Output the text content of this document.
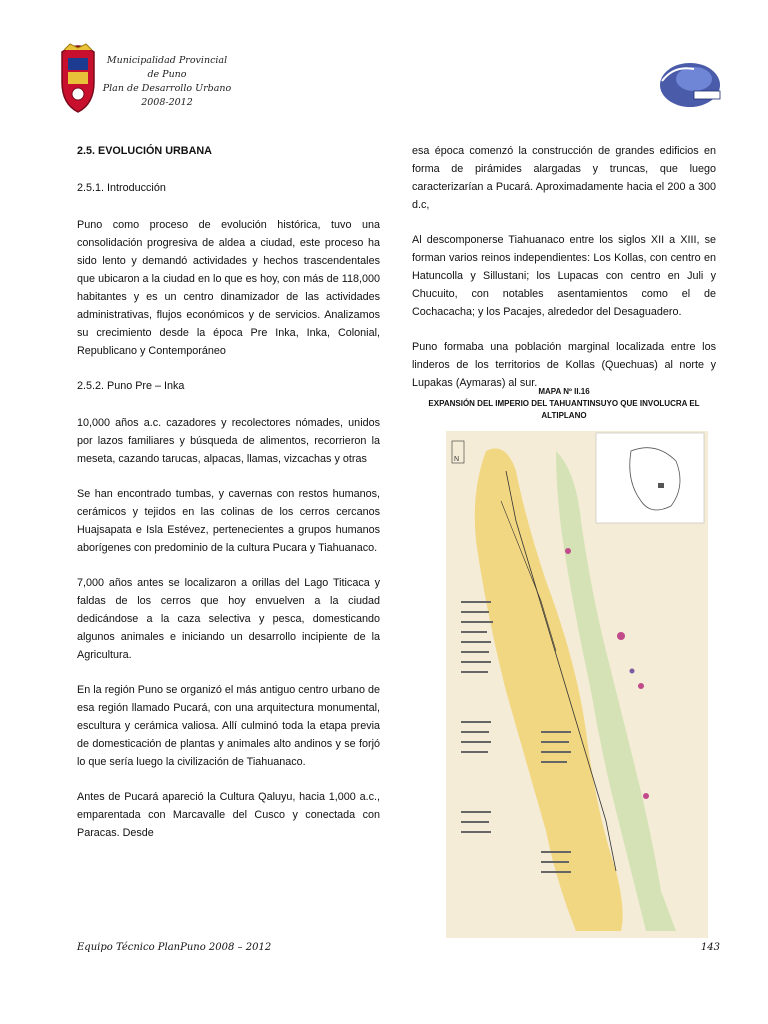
Municipalidad Provincial de Puno
Plan de Desarrollo Urbano
2008-2012
2.5. EVOLUCIÓN URBANA
2.5.1. Introducción

Puno como proceso de evolución histórica, tuvo una consolidación progresiva de aldea a ciudad, este proceso ha sido lento y demandó actividades y hechos trascendentales que ubicaron a la ciudad en lo que es hoy, con más de 118,000 habitantes y es un centro dinamizador de las actividades administrativas, flujos económicos y de servicios. Analizamos su crecimiento desde la época Pre Inka, Inka, Colonial, Republicano y Contemporáneo

2.5.2. Puno Pre – Inka

10,000 años a.c. cazadores y recolectores nómades, unidos por lazos familiares y búsqueda de alimentos, recorrieron la meseta, cazando tarucas, alpacas, llamas, vizcachas y otras

Se han encontrado tumbas, y cavernas con restos humanos, cerámicos y tejidos en las colinas de los cerros cercanos Huajsapata e Isla Estévez, pertenecientes a grupos humanos aborígenes con predominio de la cultura Pucara y Tiahuanaco.

7,000 años antes se localizaron a orillas del Lago Titicaca y faldas de los cerros que hoy envuelven a la ciudad dedicándose a la caza selectiva y pesca, domesticando algunos animales e iniciando un desarrollo incipiente de la Agricultura.

En la región Puno se organizó el más antiguo centro urbano de esa región llamado Pucará, con una arquitectura monumental, escultura y cerámica valiosa. Allí culminó toda la etapa previa de domesticación de plantas y animales alto andinos y se forjó lo que sería luego la civilización de Tiahuanaco.

Antes de Pucará apareció la Cultura Qaluyu, hacia 1,000 a.c., emparentada con Marcavalle del Cusco y conectada con Paracas. Desde

esa época comenzó la construcción de grandes edificios en forma de pirámides alargadas y truncas, que luego caracterizarían a Pucará. Aproximadamente hacia el 200 a 300 d.c,

Al descomponerse Tiahuanaco entre los siglos XII a XIII, se forman varios reinos independientes: Los Kollas, con centro en Hatuncolla y Sillustani; los Lupacas con centro en Juli y Chucuito, con notables asentamientos como el de Cochacacha; y los Pacajes, alrededor del Desaguadero.

Puno formaba una población marginal localizada entre los linderos de los territorios de Kollas (Quechuas) al norte y Lupakas (Aymaras) al sur.

MAPA Nº II.16
EXPANSIÓN DEL IMPERIO DEL TAHUANTINSUYO QUE INVOLUCRA EL ALTIPLANO
N
Equipo Técnico PlanPuno 2008 – 2012	143
